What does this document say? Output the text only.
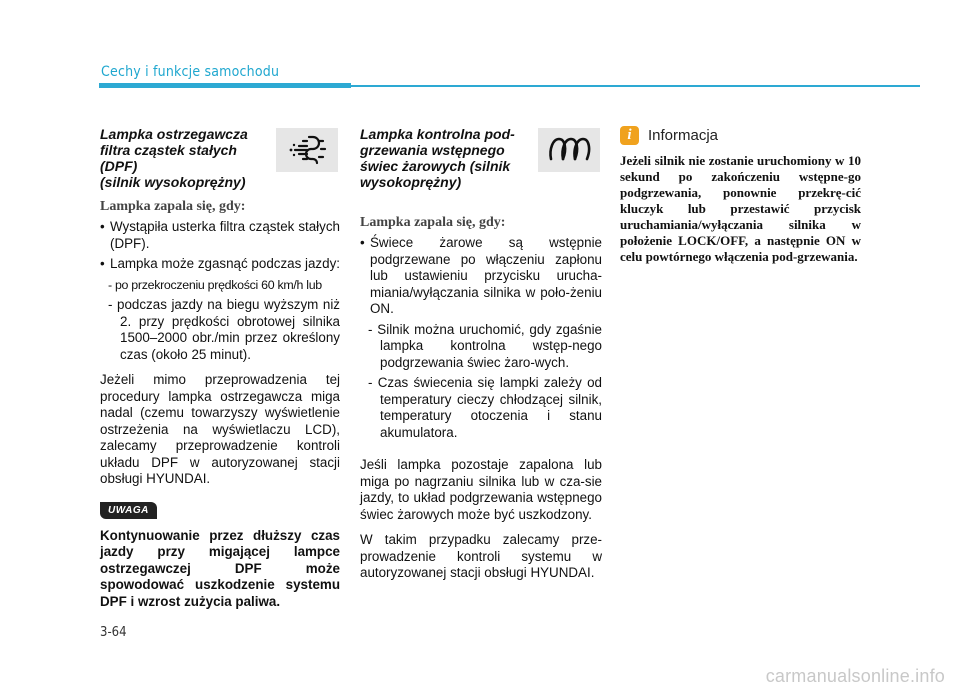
Cechy i funkcje samochodu
Lampka ostrzegawcza
filtra cząstek stałych
(DPF)
(silnik wysokoprężny)
Lampka zapala się, gdy:
• Wystąpiła usterka filtra cząstek stałych (DPF).
• Lampka może zgasnąć podczas jazdy:
- po przekroczeniu prędkości 60 km/h lub
- podczas jazdy na biegu wyższym niż 2. przy prędkości obrotowej silnika 1500–2000 obr./min przez określony czas (około 25 minut).
Jeżeli mimo przeprowadzenia tej procedury lampka ostrzegawcza miga nadal (czemu towarzyszy wyświetlenie ostrzeżenia na wyświetlaczu LCD), zalecamy przeprowadzenie kontroli układu DPF w autoryzowanej stacji obsługi HYUNDAI.
UWAGA
Kontynuowanie przez dłuższy czas jazdy przy migającej lampce ostrzegawczej DPF może spowodować uszkodzenie systemu DPF i wzrost zużycia paliwa.
Lampka kontrolna pod-
grzewania wstępnego
świec żarowych (silnik
wysokoprężny)
Lampka zapala się, gdy:
• Świece żarowe są wstępnie podgrzewane po włączeniu zapłonu lub ustawieniu przycisku urucha-miania/wyłączania silnika w poło-żeniu ON.
- Silnik można uruchomić, gdy zgaśnie lampka kontrolna wstęp-nego podgrzewania świec żaro-wych.
- Czas świecenia się lampki zależy od temperatury cieczy chłodzącej silnik, temperatury otoczenia i stanu akumulatora.
Jeśli lampka pozostaje zapalona lub miga po nagrzaniu silnika lub w cza-sie jazdy, to układ podgrzewania wstępnego świec żarowych może być uszkodzony.
W takim przypadku zalecamy prze-prowadzenie kontroli systemu w autoryzowanej stacji obsługi HYUNDAI.
i	Informacja
Jeżeli silnik nie zostanie uruchomiony w 10 sekund po zakończeniu wstępne-go podgrzewania, ponownie przekrę-cić kluczyk lub przestawić przycisk uruchamiania/wyłączania silnika w położenie LOCK/OFF, a następnie ON w celu powtórnego włączenia pod-grzewania.
3-64
carmanualsonline.info
